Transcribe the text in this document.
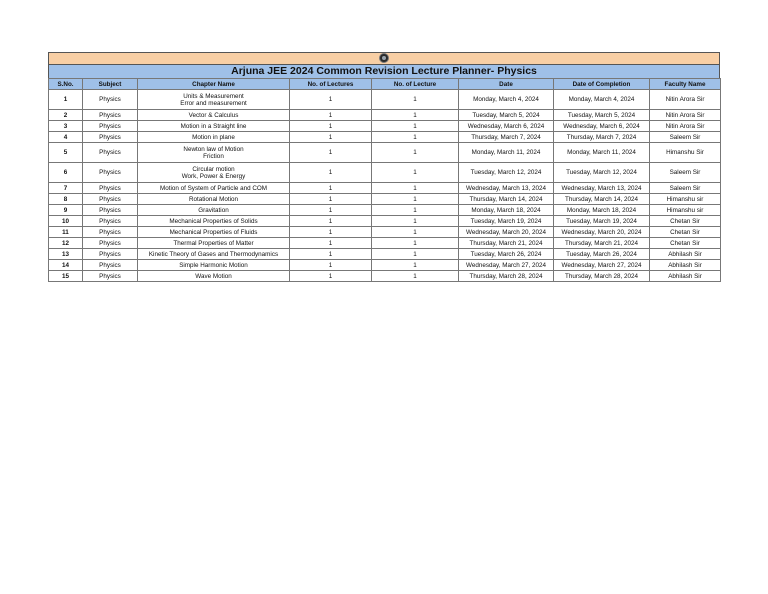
Arjuna JEE 2024 Common Revision Lecture Planner- Physics
S.No.	Subject	Chapter Name	No. of Lectures	No. of Lecture	Date	Date of Completion	Faculty Name
1	Physics	Units & Measurement
Error and measurement	1	1	Monday, March 4, 2024	Monday, March 4, 2024	Nitin Arora Sir
2	Physics	Vector & Calculus	1	1	Tuesday, March 5, 2024	Tuesday, March 5, 2024	Nitin Arora Sir
3	Physics	Motion in a Straight line	1	1	Wednesday, March 6, 2024	Wednesday, March 6, 2024	Nitin Arora Sir
4	Physics	Motion in plane	1	1	Thursday, March 7, 2024	Thursday, March 7, 2024	Saleem Sir
5	Physics	Newton law of Motion
Friction	1	1	Monday, March 11, 2024	Monday, March 11, 2024	Himanshu Sir
6	Physics	Circular motion
Work, Power & Energy	1	1	Tuesday, March 12, 2024	Tuesday, March 12, 2024	Saleem Sir
7	Physics	Motion of System of Particle and COM	1	1	Wednesday, March 13, 2024	Wednesday, March 13, 2024	Saleem Sir
8	Physics	Rotational Motion	1	1	Thursday, March 14, 2024	Thursday, March 14, 2024	Himanshu sir
9	Physics	Gravitation	1	1	Monday, March 18, 2024	Monday, March 18, 2024	Himanshu sir
10	Physics	Mechanical Properties of Solids	1	1	Tuesday, March 19, 2024	Tuesday, March 19, 2024	Chetan Sir
11	Physics	Mechanical Properties of Fluids	1	1	Wednesday, March 20, 2024	Wednesday, March 20, 2024	Chetan Sir
12	Physics	Thermal Properties of Matter	1	1	Thursday, March 21, 2024	Thursday, March 21, 2024	Chetan Sir
13	Physics	Kinetic Theory of Gases and Thermodynamics	1	1	Tuesday, March 26, 2024	Tuesday, March 26, 2024	Abhilash Sir
14	Physics	Simple Harmonic Motion	1	1	Wednesday, March 27, 2024	Wednesday, March 27, 2024	Abhilash Sir
15	Physics	Wave Motion	1	1	Thursday, March 28, 2024	Thursday, March 28, 2024	Abhilash Sir
